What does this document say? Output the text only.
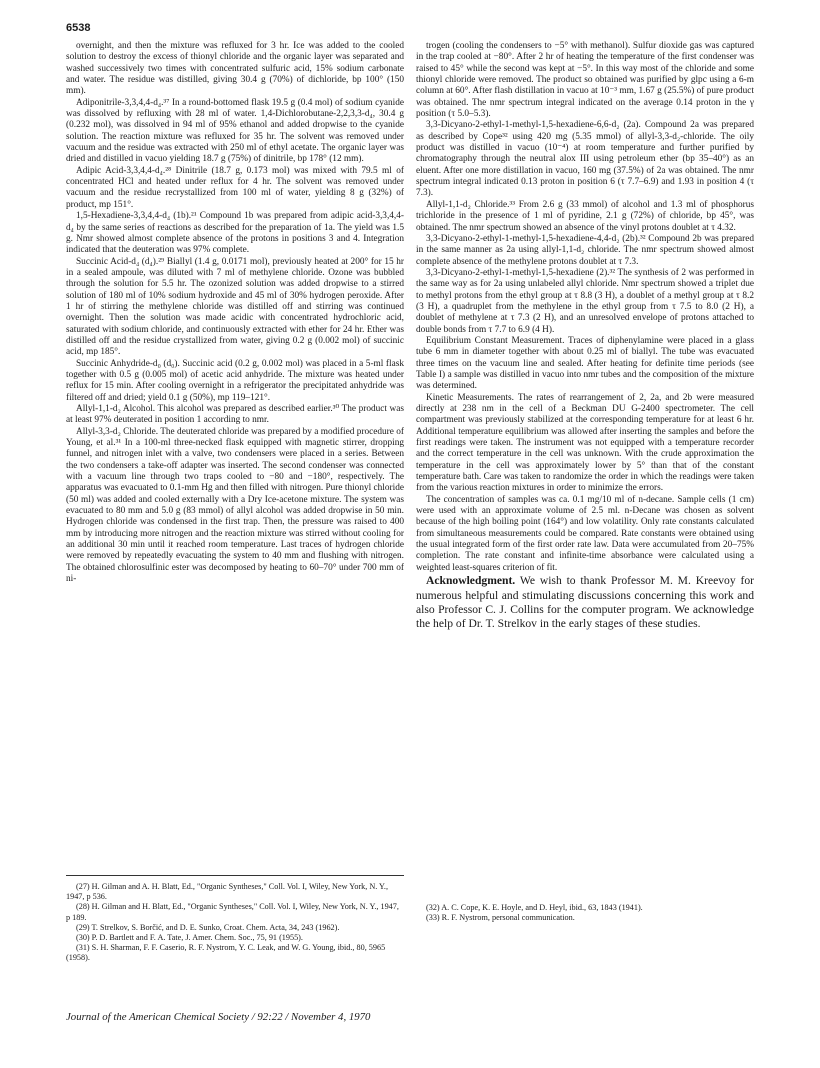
6538

overnight, and then the mixture was refluxed for 3 hr. Ice was added to the cooled solution to destroy the excess of thionyl chloride and the organic layer was separated and washed successively two times with concentrated sulfuric acid, 15% sodium carbonate and water. The residue was distilled, giving 30.4 g (70%) of dichloride, bp 100° (150 mm).

Adiponitrile-3,3,4,4-d₄.³⁷ In a round-bottomed flask 19.5 g (0.4 mol) of sodium cyanide was dissolved by refluxing with 28 ml of water. 1,4-Dichlorobutane-2,2,3,3-d₄, 30.4 g (0.232 mol), was dissolved in 94 ml of 95% ethanol and added dropwise to the cyanide solution. The reaction mixture was refluxed for 35 hr. The solvent was removed under vacuum and the residue was extracted with 250 ml of ethyl acetate. The organic layer was dried and distilled in vacuo yielding 18.7 g (75%) of dinitrile, bp 178° (12 mm).

Adipic Acid-3,3,4,4-d₄.²⁸ Dinitrile (18.7 g, 0.173 mol) was mixed with 79.5 ml of concentrated HCl and heated under reflux for 4 hr. The solvent was removed under vacuum and the residue recrystallized from 100 ml of water, yielding 8 g (32%) of product, mp 151°.

1,5-Hexadiene-3,3,4,4-d₄ (1b).²¹ Compound 1b was prepared from adipic acid-3,3,4,4-d₄ by the same series of reactions as described for the preparation of 1a. The yield was 1.5 g. Nmr showed almost complete absence of the protons in positions 3 and 4. Integration indicated that the deuteration was 97% complete.

Succinic Acid-d₄ (d₄).²⁹ Biallyl (1.4 g, 0.0171 mol), previously heated at 200° for 15 hr in a sealed ampoule, was diluted with 7 ml of methylene chloride. Ozone was bubbled through the solution for 5.5 hr. The ozonized solution was added dropwise to a stirred solution of 180 ml of 10% sodium hydroxide and 45 ml of 30% hydrogen peroxide. After 1 hr of stirring the methylene chloride was distilled off and stirring was continued overnight. Then the solution was made acidic with concentrated hydrochloric acid, saturated with sodium chloride, and continuously extracted with ether for 24 hr. Ether was distilled off and the residue crystallized from water, giving 0.2 g (0.002 mol) of succinic acid, mp 185°.

Succinic Anhydride-d₀ (d₀). Succinic acid (0.2 g, 0.002 mol) was placed in a 5-ml flask together with 0.5 g (0.005 mol) of acetic acid anhydride. The mixture was heated under reflux for 15 min. After cooling overnight in a refrigerator the precipitated anhydride was filtered off and dried; yield 0.1 g (50%), mp 119–121°.

Allyl-1,1-d₂ Alcohol. This alcohol was prepared as described earlier.³⁰ The product was at least 97% deuterated in position 1 according to nmr.

Allyl-3,3-d₂ Chloride. The deuterated chloride was prepared by a modified procedure of Young, et al.³¹ In a 100-ml three-necked flask equipped with magnetic stirrer, dropping funnel, and nitrogen inlet with a valve, two condensers were placed in a series. Between the two condensers a take-off adapter was inserted. The second condenser was connected with a vacuum line through two traps cooled to −80 and −180°, respectively. The apparatus was evacuated to 0.1-mm Hg and then filled with nitrogen. Pure thionyl chloride (50 ml) was added and cooled externally with a Dry Ice-acetone mixture. The system was evacuated to 80 mm and 5.0 g (83 mmol) of allyl alcohol was added dropwise in 50 min. Hydrogen chloride was condensed in the first trap. Then, the pressure was raised to 400 mm by introducing more nitrogen and the reaction mixture was stirred without cooling for an additional 30 min until it reached room temperature. Last traces of hydrogen chloride were removed by repeatedly evacuating the system to 40 mm and flushing with nitrogen. The obtained chlorosulfinic ester was decomposed by heating to 60–70° under 700 mm of ni-

trogen (cooling the condensers to −5° with methanol). Sulfur dioxide gas was captured in the trap cooled at −80°. After 2 hr of heating the temperature of the first condenser was raised to 45° while the second was kept at −5°. In this way most of the chloride and some thionyl chloride were removed. The product so obtained was purified by glpc using a 6-m column at 60°. After flash distillation in vacuo at 10⁻³ mm, 1.67 g (25.5%) of pure product was obtained. The nmr spectrum integral indicated on the average 0.14 proton in the γ position (τ 5.0–5.3).

3,3-Dicyano-2-ethyl-1-methyl-1,5-hexadiene-6,6-d₂ (2a). Compound 2a was prepared as described by Cope³² using 420 mg (5.35 mmol) of allyl-3,3-d₂-chloride. The oily product was distilled in vacuo (10⁻⁴) at room temperature and further purified by chromatography through the neutral alox III using petroleum ether (bp 35–40°) as an eluent. After one more distillation in vacuo, 160 mg (37.5%) of 2a was obtained. The nmr spectrum integral indicated 0.13 proton in position 6 (τ 7.7–6.9) and 1.93 in position 4 (τ 7.3).

Allyl-1,1-d₂ Chloride.³³ From 2.6 g (33 mmol) of alcohol and 1.3 ml of phosphorus trichloride in the presence of 1 ml of pyridine, 2.1 g (72%) of chloride, bp 45°, was obtained. The nmr spectrum showed an absence of the vinyl protons doublet at τ 4.32.

3,3-Dicyano-2-ethyl-1-methyl-1,5-hexadiene-4,4-d₂ (2b).³² Compound 2b was prepared in the same manner as 2a using allyl-1,1-d₂ chloride. The nmr spectrum showed almost complete absence of the methylene protons doublet at τ 7.3.

3,3-Dicyano-2-ethyl-1-methyl-1,5-hexadiene (2).³² The synthesis of 2 was performed in the same way as for 2a using unlabeled allyl chloride. Nmr spectrum showed a triplet due to methyl protons from the ethyl group at τ 8.8 (3 H), a doublet of a methyl group at τ 8.2 (3 H), a quadruplet from the methylene in the ethyl group from τ 7.5 to 8.0 (2 H), a doublet of methylene at τ 7.3 (2 H), and an unresolved envelope of protons attached to double bonds from τ 7.7 to 6.9 (4 H).

Equilibrium Constant Measurement. Traces of diphenylamine were placed in a glass tube 6 mm in diameter together with about 0.25 ml of biallyl. The tube was evacuated three times on the vacuum line and sealed. After heating for definite time periods (see Table I) a sample was distilled in vacuo into nmr tubes and the composition of the mixture was determined.

Kinetic Measurements. The rates of rearrangement of 2, 2a, and 2b were measured directly at 238 nm in the cell of a Beckman DU G-2400 spectrometer. The cell compartment was previously stabilized at the corresponding temperature for at least 6 hr. Additional temperature equilibrium was allowed after inserting the samples and before the first readings were taken. The instrument was not equipped with a temperature recorder and the correct temperature in the cell was unknown. With the crude approximation the temperature in the cell was approximately lower by 5° than that of the constant temperature bath. Care was taken to randomize the order in which the readings were taken from the various reaction mixtures in order to minimize the errors.

The concentration of samples was ca. 0.1 mg/10 ml of n-decane. Sample cells (1 cm) were used with an approximate volume of 2.5 ml. n-Decane was chosen as solvent because of the high boiling point (164°) and low volatility. Only rate constants calculated from simultaneous measurements could be compared. Rate constants were obtained using the usual integrated form of the first order rate law. Data were accumulated from 20–75% completion. The rate constant and infinite-time absorbance were calculated using a weighted least-squares criterion of fit.

Acknowledgment. We wish to thank Professor M. M. Kreevoy for numerous helpful and stimulating discussions concerning this work and also Professor C. J. Collins for the computer program. We acknowledge the help of Dr. T. Strelkov in the early stages of these studies.

(27) H. Gilman and A. H. Blatt, Ed., "Organic Syntheses," Coll. Vol. I, Wiley, New York, N. Y., 1947, p 536.

(28) H. Gilman and H. Blatt, Ed., "Organic Syntheses," Coll. Vol. I, Wiley, New York, N. Y., 1947, p 189.

(29) T. Strelkov, S. Borčić, and D. E. Sunko, Croat. Chem. Acta, 34, 243 (1962).

(30) P. D. Bartlett and F. A. Tate, J. Amer. Chem. Soc., 75, 91 (1955).

(31) S. H. Sharman, F. F. Caserio, R. F. Nystrom, Y. C. Leak, and W. G. Young, ibid., 80, 5965 (1958).

(32) A. C. Cope, K. E. Hoyle, and D. Heyl, ibid., 63, 1843 (1941).

(33) R. F. Nystrom, personal communication.

Journal of the American Chemical Society / 92:22 / November 4, 1970
